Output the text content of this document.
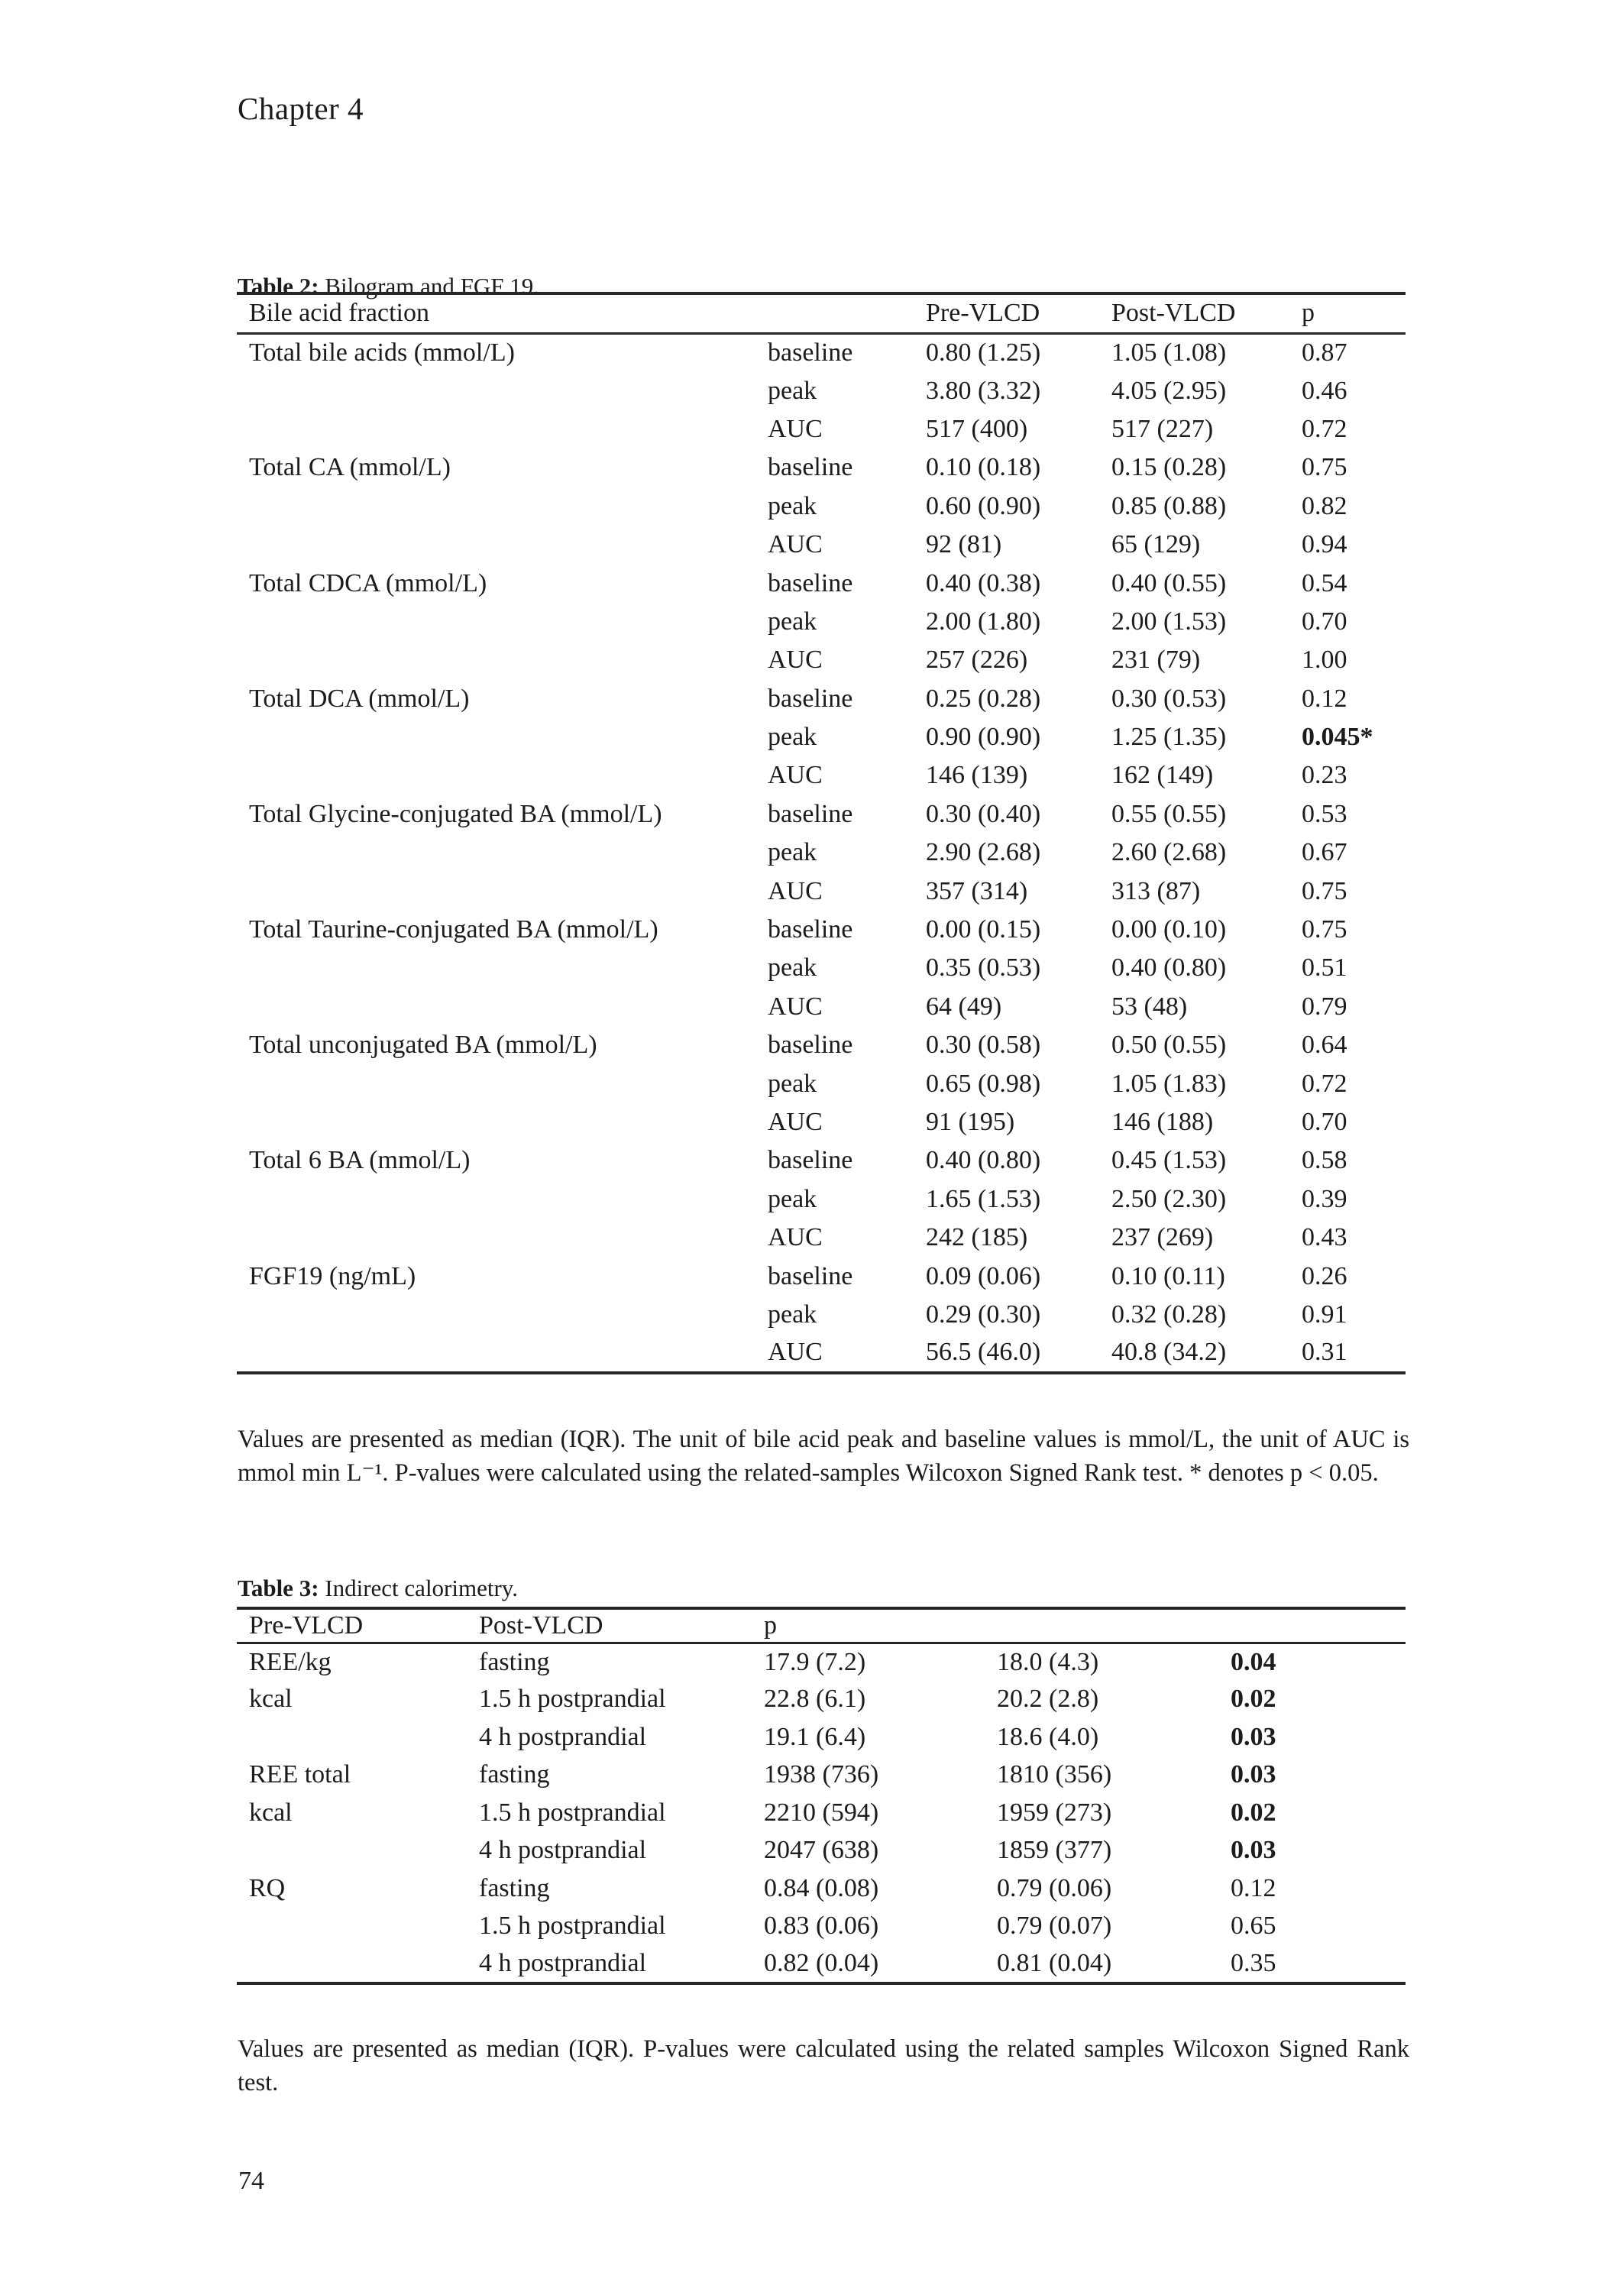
Chapter 4

Table 2: Bilogram and FGF 19.

Bile acid fraction		Pre-VLCD	Post-VLCD	p
Total bile acids (mmol/L)	baseline	0.80 (1.25)	1.05 (1.08)	0.87
	peak	3.80 (3.32)	4.05 (2.95)	0.46
	AUC	517 (400)	517 (227)	0.72
Total CA (mmol/L)	baseline	0.10 (0.18)	0.15 (0.28)	0.75
	peak	0.60 (0.90)	0.85 (0.88)	0.82
	AUC	92 (81)	65 (129)	0.94
Total CDCA (mmol/L)	baseline	0.40 (0.38)	0.40 (0.55)	0.54
	peak	2.00 (1.80)	2.00 (1.53)	0.70
	AUC	257 (226)	231 (79)	1.00
Total DCA (mmol/L)	baseline	0.25 (0.28)	0.30 (0.53)	0.12
	peak	0.90 (0.90)	1.25 (1.35)	0.045*
	AUC	146 (139)	162 (149)	0.23
Total Glycine-conjugated BA (mmol/L)	baseline	0.30 (0.40)	0.55 (0.55)	0.53
	peak	2.90 (2.68)	2.60 (2.68)	0.67
	AUC	357 (314)	313 (87)	0.75
Total Taurine-conjugated BA (mmol/L)	baseline	0.00 (0.15)	0.00 (0.10)	0.75
	peak	0.35 (0.53)	0.40 (0.80)	0.51
	AUC	64 (49)	53 (48)	0.79
Total unconjugated BA (mmol/L)	baseline	0.30 (0.58)	0.50 (0.55)	0.64
	peak	0.65 (0.98)	1.05 (1.83)	0.72
	AUC	91 (195)	146 (188)	0.70
Total 6 BA (mmol/L)	baseline	0.40 (0.80)	0.45 (1.53)	0.58
	peak	1.65 (1.53)	2.50 (2.30)	0.39
	AUC	242 (185)	237 (269)	0.43
FGF19 (ng/mL)	baseline	0.09 (0.06)	0.10 (0.11)	0.26
	peak	0.29 (0.30)	0.32 (0.28)	0.91
	AUC	56.5 (46.0)	40.8 (34.2)	0.31

Values are presented as median (IQR). The unit of bile acid peak and baseline values is mmol/L, the unit of AUC is mmol min L⁻¹. P-values were calculated using the related-samples Wilcoxon Signed Rank test. * denotes p < 0.05.

Table 3: Indirect calorimetry.

Pre-VLCD	Post-VLCD	p		
REE/kg	fasting	17.9 (7.2)	18.0 (4.3)	0.04
kcal	1.5 h postprandial	22.8 (6.1)	20.2 (2.8)	0.02
	4 h postprandial	19.1 (6.4)	18.6 (4.0)	0.03
REE total	fasting	1938 (736)	1810 (356)	0.03
kcal	1.5 h postprandial	2210 (594)	1959 (273)	0.02
	4 h postprandial	2047 (638)	1859 (377)	0.03
RQ	fasting	0.84 (0.08)	0.79 (0.06)	0.12
	1.5 h postprandial	0.83 (0.06)	0.79 (0.07)	0.65
	4 h postprandial	0.82 (0.04)	0.81 (0.04)	0.35

Values are presented as median (IQR). P-values were calculated using the related samples Wilcoxon Signed Rank test.

74
